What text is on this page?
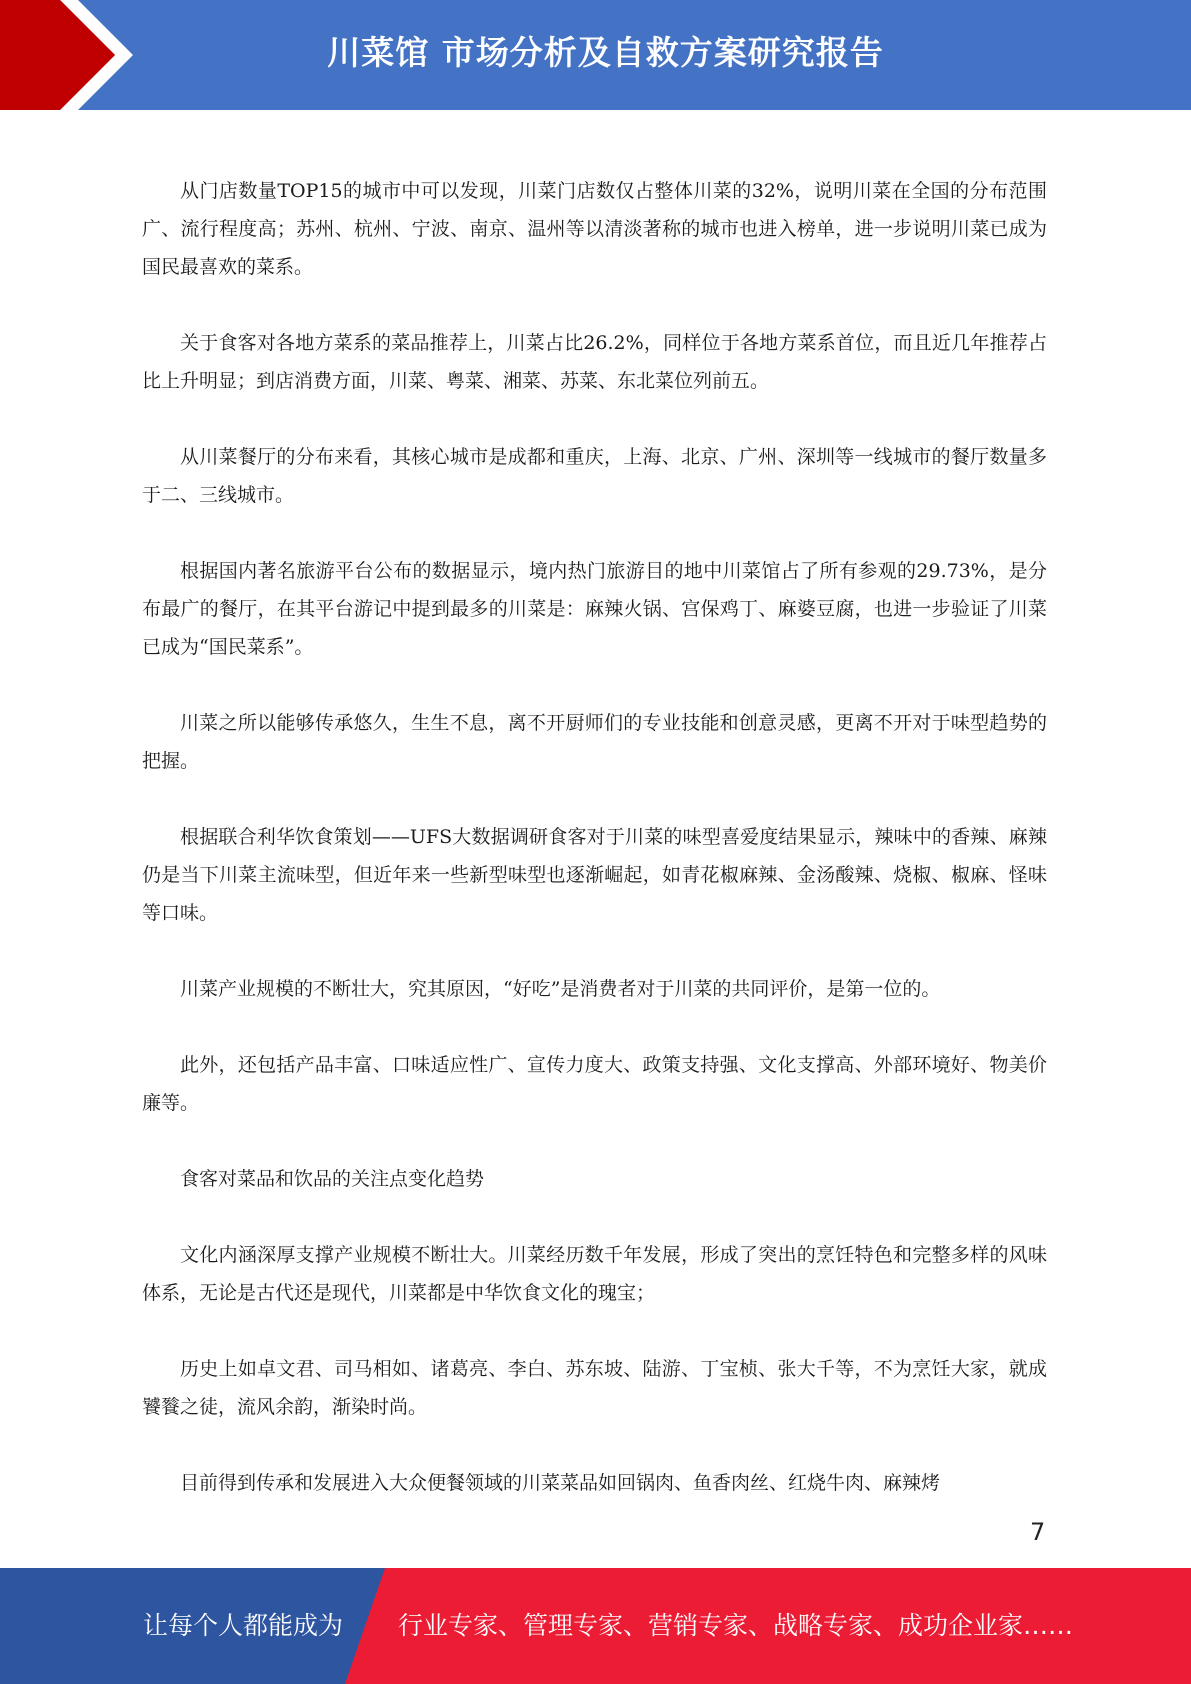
川菜馆 市场分析及自救方案研究报告

从门店数量TOP15的城市中可以发现，川菜门店数仅占整体川菜的32%，说明川菜在全国的分布范围广、流行程度高；苏州、杭州、宁波、南京、温州等以清淡著称的城市也进入榜单，进一步说明川菜已成为国民最喜欢的菜系。

关于食客对各地方菜系的菜品推荐上，川菜占比26.2%，同样位于各地方菜系首位，而且近几年推荐占比上升明显；到店消费方面，川菜、粤菜、湘菜、苏菜、东北菜位列前五。

从川菜餐厅的分布来看，其核心城市是成都和重庆，上海、北京、广州、深圳等一线城市的餐厅数量多于二、三线城市。

根据国内著名旅游平台公布的数据显示，境内热门旅游目的地中川菜馆占了所有参观的29.73%，是分布最广的餐厅，在其平台游记中提到最多的川菜是：麻辣火锅、宫保鸡丁、麻婆豆腐，也进一步验证了川菜已成为“国民菜系”。

川菜之所以能够传承悠久，生生不息，离不开厨师们的专业技能和创意灵感，更离不开对于味型趋势的把握。

根据联合利华饮食策划——UFS大数据调研食客对于川菜的味型喜爱度结果显示，辣味中的香辣、麻辣仍是当下川菜主流味型，但近年来一些新型味型也逐渐崛起，如青花椒麻辣、金汤酸辣、烧椒、椒麻、怪味等口味。

川菜产业规模的不断壮大，究其原因，“好吃”是消费者对于川菜的共同评价，是第一位的。

此外，还包括产品丰富、口味适应性广、宣传力度大、政策支持强、文化支撑高、外部环境好、物美价廉等。

食客对菜品和饮品的关注点变化趋势

文化内涵深厚支撑产业规模不断壮大。川菜经历数千年发展，形成了突出的烹饪特色和完整多样的风味体系，无论是古代还是现代，川菜都是中华饮食文化的瑰宝；

历史上如卓文君、司马相如、诸葛亮、李白、苏东坡、陆游、丁宝桢、张大千等，不为烹饪大家，就成饕餮之徒，流风余韵，渐染时尚。

目前得到传承和发展进入大众便餐领域的川菜菜品如回锅肉、鱼香肉丝、红烧牛肉、麻辣烤

7
让每个人都能成为 行业专家、管理专家、营销专家、战略专家、成功企业家……
